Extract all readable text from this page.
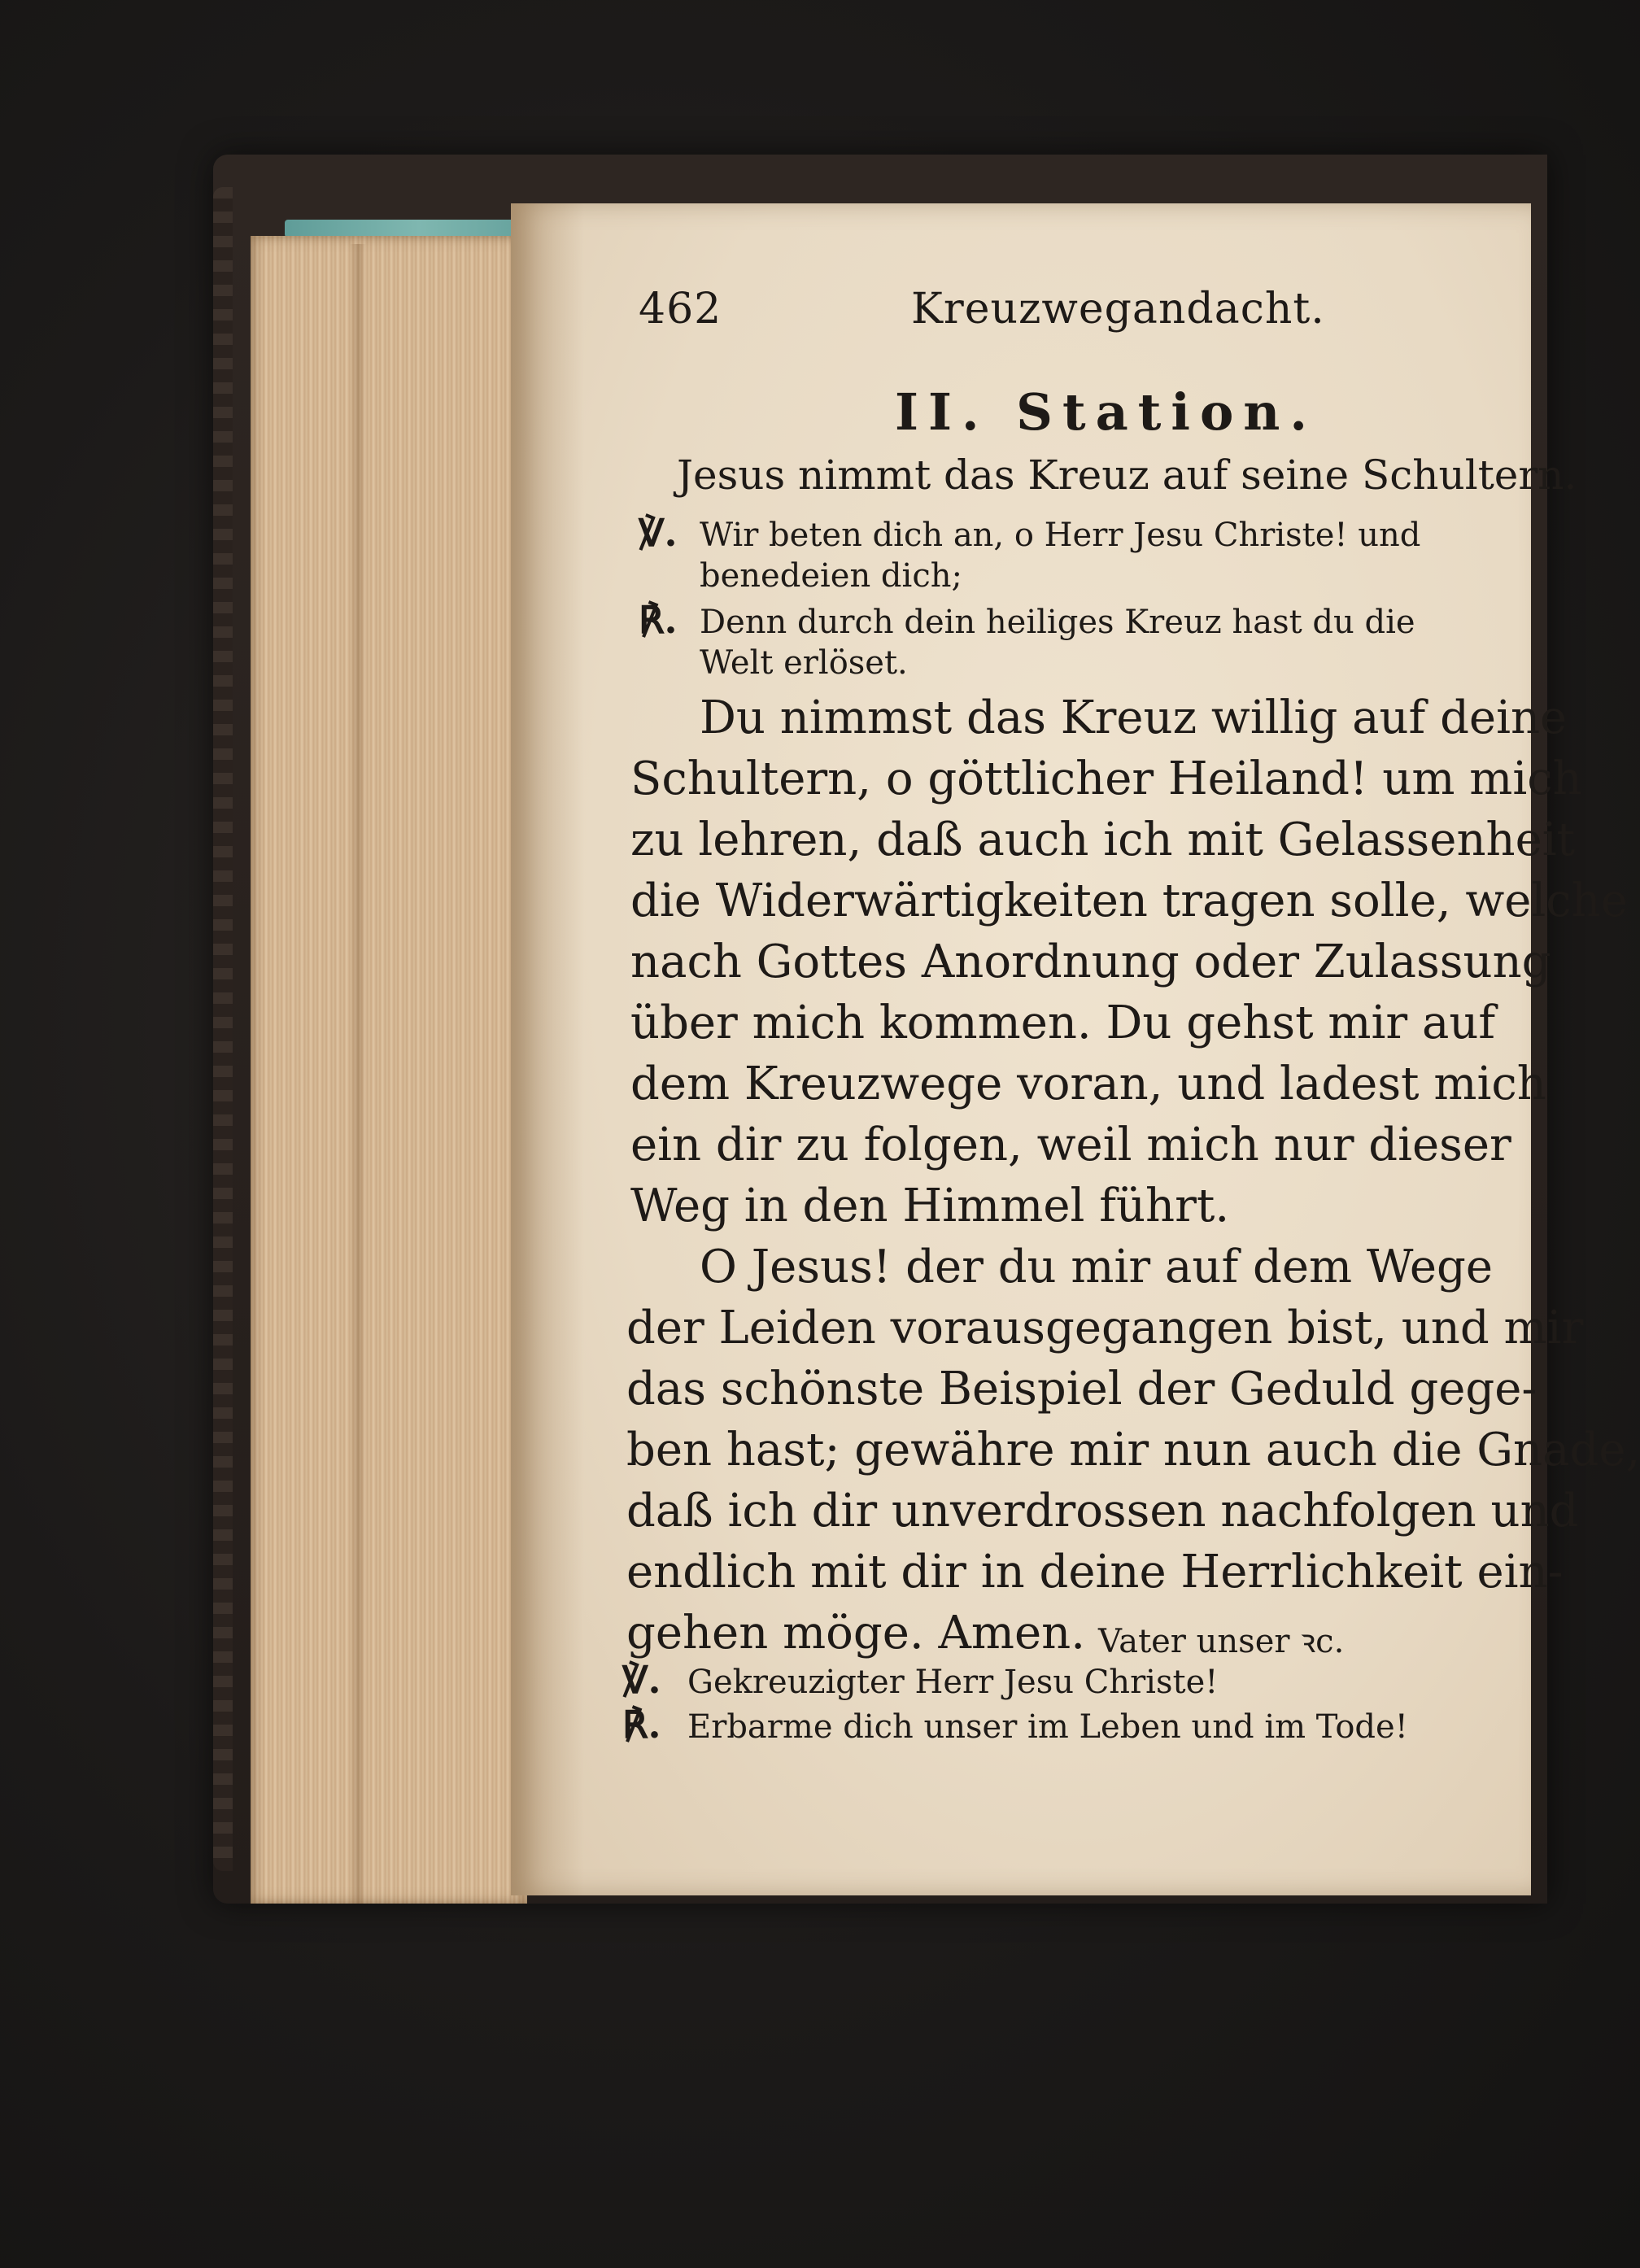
462	Kreuzwegandacht.
II. Station.
Jesus nimmt das Kreuz auf seine Schultern.
℣. Wir beten dich an, o Herr Jesu Christe! und
benedeien dich;
℟. Denn durch dein heiliges Kreuz hast du die
Welt erlöset.
Du nimmst das Kreuz willig auf deine
Schultern, o göttlicher Heiland! um mich
zu lehren, daß auch ich mit Gelassenheit
die Widerwärtigkeiten tragen solle, welche
nach Gottes Anordnung oder Zulassung
über mich kommen. Du gehst mir auf
dem Kreuzwege voran, und ladest mich
ein dir zu folgen, weil mich nur dieser
Weg in den Himmel führt.
O Jesus! der du mir auf dem Wege
der Leiden vorausgegangen bist, und mir
das schönste Beispiel der Geduld gege-
ben hast; gewähre mir nun auch die Gnade,
daß ich dir unverdrossen nachfolgen und
endlich mit dir in deine Herrlichkeit ein-
gehen möge. Amen. Vater unser ꝛc.
℣. Gekreuzigter Herr Jesu Christe!
℟. Erbarme dich unser im Leben und im Tode!
